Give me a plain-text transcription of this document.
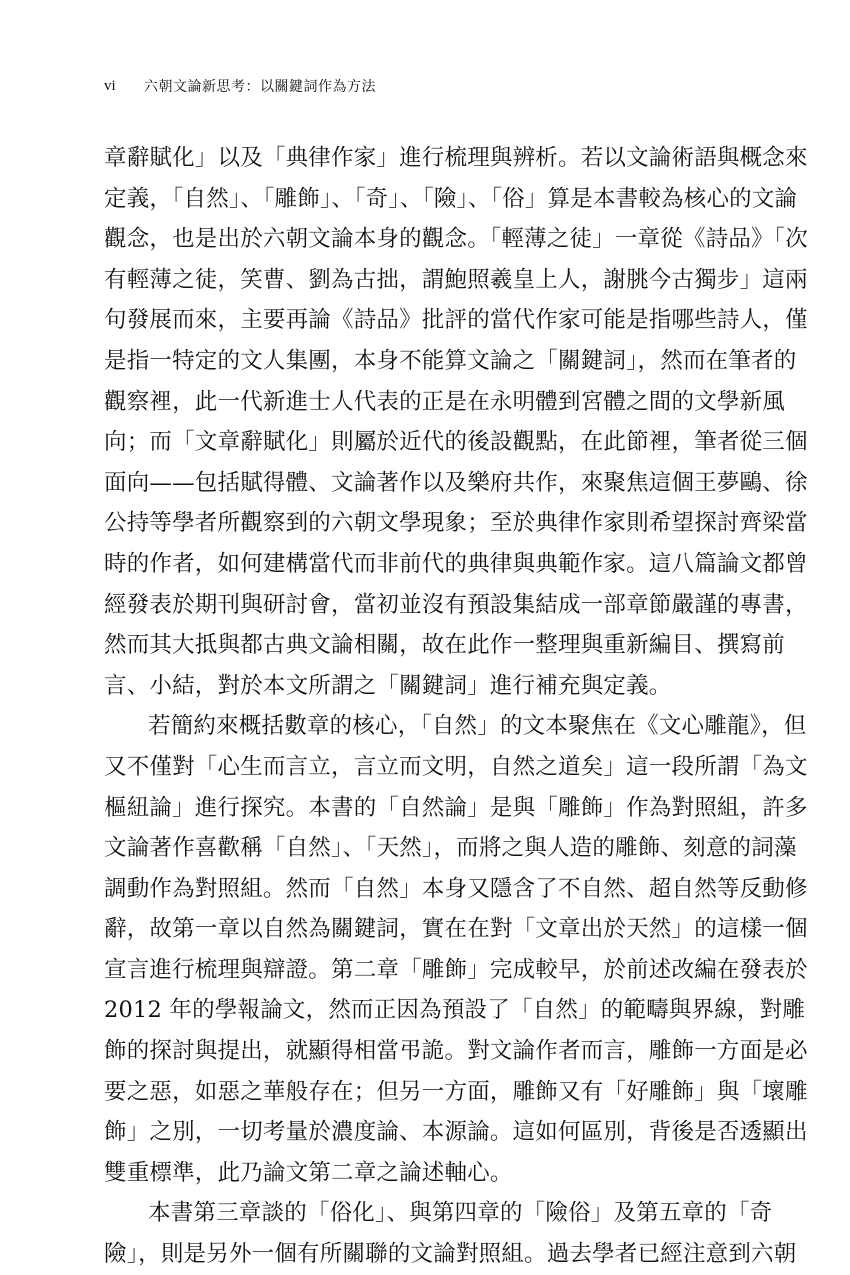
vi	六朝文論新思考：以關鍵詞作為方法
章辭賦化」以及「典律作家」進行梳理與辨析。若以文論術語與概念來
定義，「自然」、「雕飾」、「奇」、「險」、「俗」算是本書較為核心的文論
觀念，也是出於六朝文論本身的觀念。「輕薄之徒」一章從《詩品》「次
有輕薄之徒，笑曹、劉為古拙，謂鮑照羲皇上人，謝朓今古獨步」這兩
句發展而來，主要再論《詩品》批評的當代作家可能是指哪些詩人，僅
是指一特定的文人集團，本身不能算文論之「關鍵詞」，然而在筆者的
觀察裡，此一代新進士人代表的正是在永明體到宮體之間的文學新風
向；而「文章辭賦化」則屬於近代的後設觀點，在此節裡，筆者從三個
面向——包括賦得體、文論著作以及樂府共作，來聚焦這個王夢鷗、徐
公持等學者所觀察到的六朝文學現象；至於典律作家則希望探討齊梁當
時的作者，如何建構當代而非前代的典律與典範作家。這八篇論文都曾
經發表於期刊與研討會，當初並沒有預設集結成一部章節嚴謹的專書，
然而其大抵與都古典文論相關，故在此作一整理與重新編目、撰寫前
言、小結，對於本文所謂之「關鍵詞」進行補充與定義。
若簡約來概括數章的核心，「自然」的文本聚焦在《文心雕龍》，但
又不僅對「心生而言立，言立而文明，自然之道矣」這一段所謂「為文
樞紐論」進行探究。本書的「自然論」是與「雕飾」作為對照組，許多
文論著作喜歡稱「自然」、「天然」，而將之與人造的雕飾、刻意的詞藻
調動作為對照組。然而「自然」本身又隱含了不自然、超自然等反動修
辭，故第一章以自然為關鍵詞，實在在對「文章出於天然」的這樣一個
宣言進行梳理與辯證。第二章「雕飾」完成較早，於前述改編在發表於
2012 年的學報論文，然而正因為預設了「自然」的範疇與界線，對雕
飾的探討與提出，就顯得相當弔詭。對文論作者而言，雕飾一方面是必
要之惡，如惡之華般存在；但另一方面，雕飾又有「好雕飾」與「壞雕
飾」之別，一切考量於濃度論、本源論。這如何區別，背後是否透顯出
雙重標準，此乃論文第二章之論述軸心。
本書第三章談的「俗化」、與第四章的「險俗」及第五章的「奇
險」，則是另外一個有所關聯的文論對照組。過去學者已經注意到六朝
